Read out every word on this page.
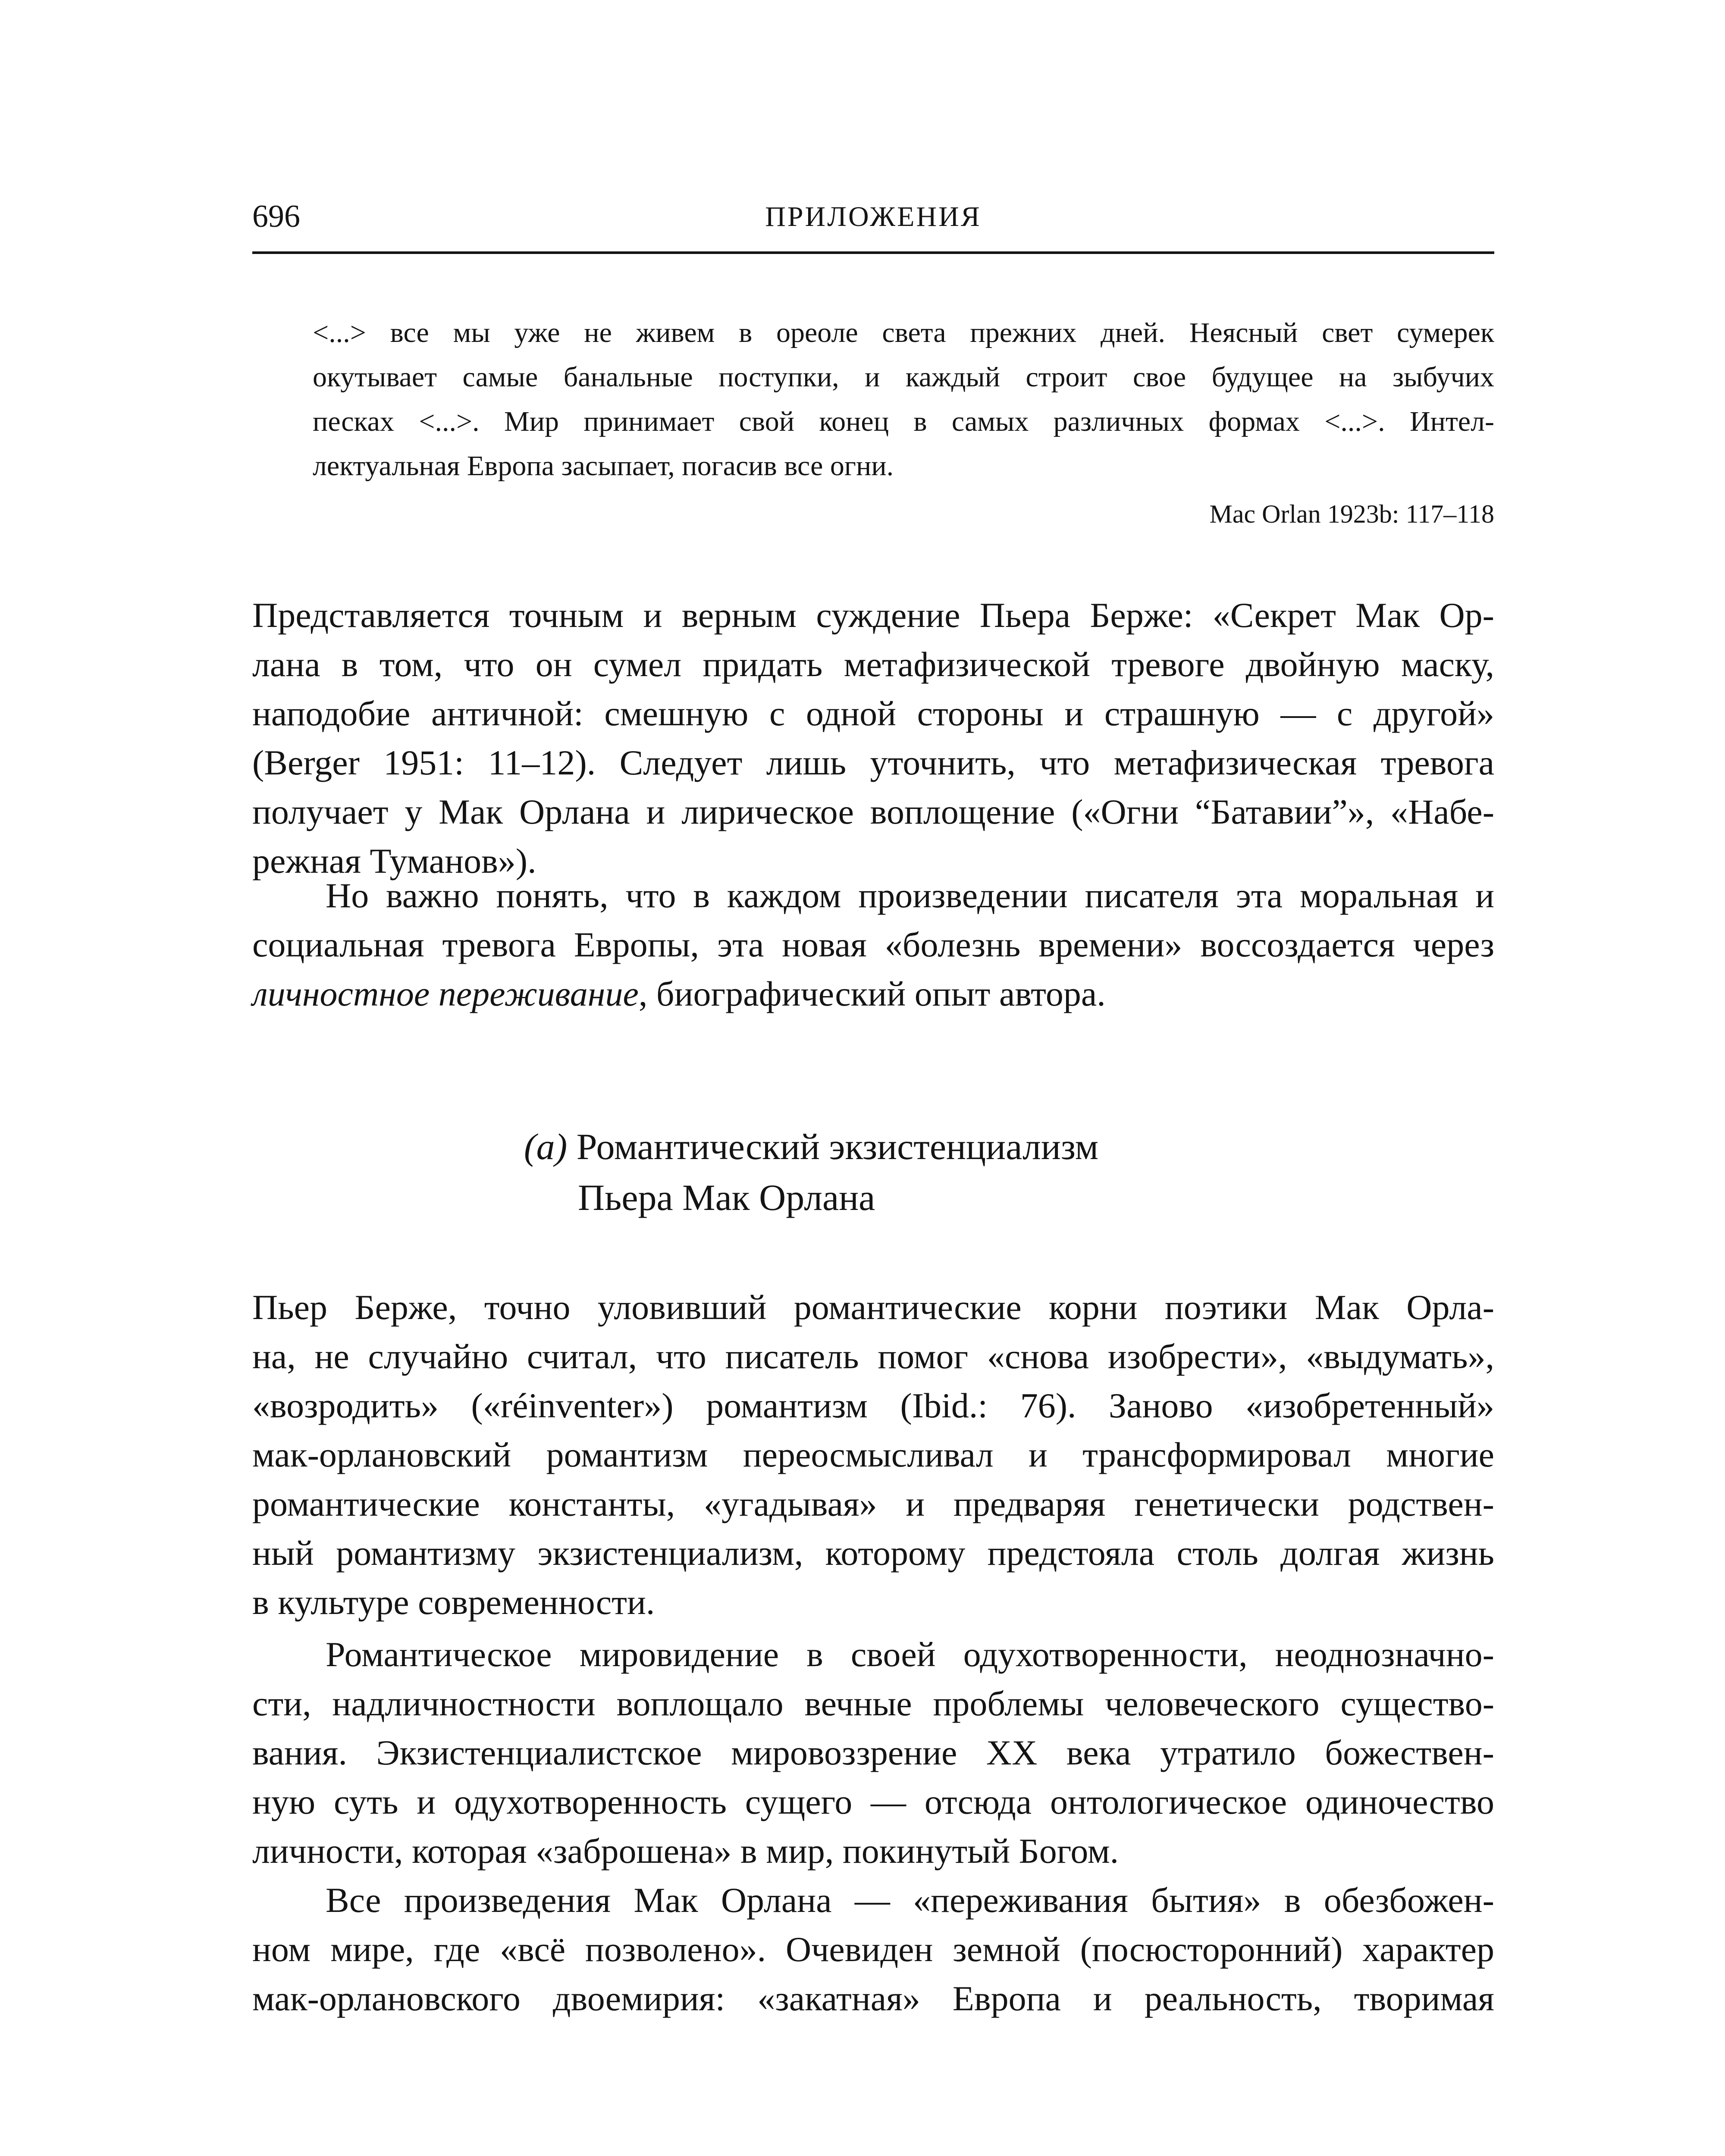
696	ПРИЛОЖЕНИЯ
<...> все мы уже не живем в ореоле света прежних дней. Неясный свет сумерек
окутывает самые банальные поступки, и каждый строит свое будущее на зыбучих
песках <...>. Мир принимает свой конец в самых различных формах <...>. Интел-
лектуальная Европа засыпает, погасив все огни.
Mac Orlan 1923b: 117–118
Представляется точным и верным суждение Пьера Берже: «Секрет Мак Ор-
лана в том, что он сумел придать метафизической тревоге двойную маску,
наподобие античной: смешную с одной стороны и страшную — с другой»
(Berger 1951: 11–12). Следует лишь уточнить, что метафизическая тревога
получает у Мак Орлана и лирическое воплощение («Огни “Батавии”», «Набе-
режная Туманов»).
Но важно понять, что в каждом произведении писателя эта моральная и
социальная тревога Европы, эта новая «болезнь времени» воссоздается через
личностное переживание, биографический опыт автора.
(а) Романтический экзистенциализм
Пьера Мак Орлана
Пьер Берже, точно уловивший романтические корни поэтики Мак Орла-
на, не случайно считал, что писатель помог «снова изобрести», «выдумать»,
«возродить» («réinventer») романтизм (Ibid.: 76). Заново «изобретенный»
мак-орлановский романтизм переосмысливал и трансформировал многие
романтические константы, «угадывая» и предваряя генетически родствен-
ный романтизму экзистенциализм, которому предстояла столь долгая жизнь
в культуре современности.
Романтическое мировидение в своей одухотворенности, неоднозначно-
сти, надличностности воплощало вечные проблемы человеческого существо-
вания. Экзистенциалистское мировоззрение XX века утратило божествен-
ную суть и одухотворенность сущего — отсюда онтологическое одиночество
личности, которая «заброшена» в мир, покинутый Богом.
Все произведения Мак Орлана — «переживания бытия» в обезбожен-
ном мире, где «всё позволено». Очевиден земной (посюсторонний) характер
мак-орлановского двоемирия: «закатная» Европа и реальность, творимая
